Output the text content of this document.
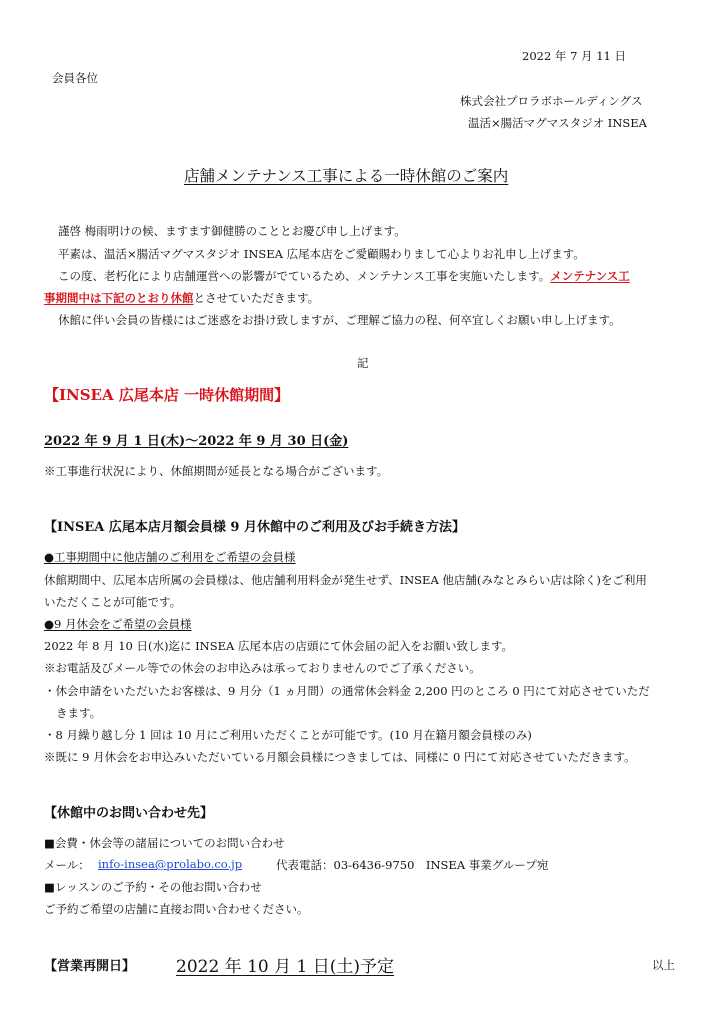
2022 年 7 月 11 日
会員各位
株式会社プロラボホールディングス
温活×腸活マグマスタジオ INSEA
店舗メンテナンス工事による一時休館のご案内
謹啓 梅雨明けの候、ますます御健勝のこととお慶び申し上げます。
平素は、温活×腸活マグマスタジオ INSEA 広尾本店をご愛顧賜わりまして心よりお礼申し上げます。
この度、老朽化により店舗運営への影響がでているため、メンテナンス工事を実施いたします。メンテナンス工
事期間中は下記のとおり休館とさせていただきます。
休館に伴い会員の皆様にはご迷惑をお掛け致しますが、ご理解ご協力の程、何卒宜しくお願い申し上げます。
記
【INSEA 広尾本店 一時休館期間】
2022 年 9 月 1 日(木)～2022 年 9 月 30 日(金)
※工事進行状況により、休館期間が延長となる場合がございます。
【INSEA 広尾本店月額会員様 9 月休館中のご利用及びお手続き方法】
●工事期間中に他店舗のご利用をご希望の会員様
休館期間中、広尾本店所属の会員様は、他店舗利用料金が発生せず、INSEA 他店舗(みなとみらい店は除く)をご利用
いただくことが可能です。
●9 月休会をご希望の会員様
2022 年 8 月 10 日(水)迄に INSEA 広尾本店の店頭にて休会届の記入をお願い致します。
※お電話及びメール等での休会のお申込みは承っておりませんのでご了承ください。
・休会申請をいただいたお客様は、9 月分（1 ヵ月間）の通常休会料金 2,200 円のところ 0 円にて対応させていただ
きます。
・8 月繰り越し分 1 回は 10 月にご利用いただくことが可能です。(10 月在籍月額会員様のみ)
※既に 9 月休会をお申込みいただいている月額会員様につきましては、同様に 0 円にて対応させていただきます。
【休館中のお問い合わせ先】
■会費・休会等の諸届についてのお問い合わせ
メール： info-insea@prolabo.co.jp	代表電話：03-6436-9750　INSEA 事業グループ宛
■レッスンのご予約・その他お問い合わせ
ご予約ご希望の店舗に直接お問い合わせください。
【営業再開日】 2022 年 10 月 1 日(土)予定	以上
